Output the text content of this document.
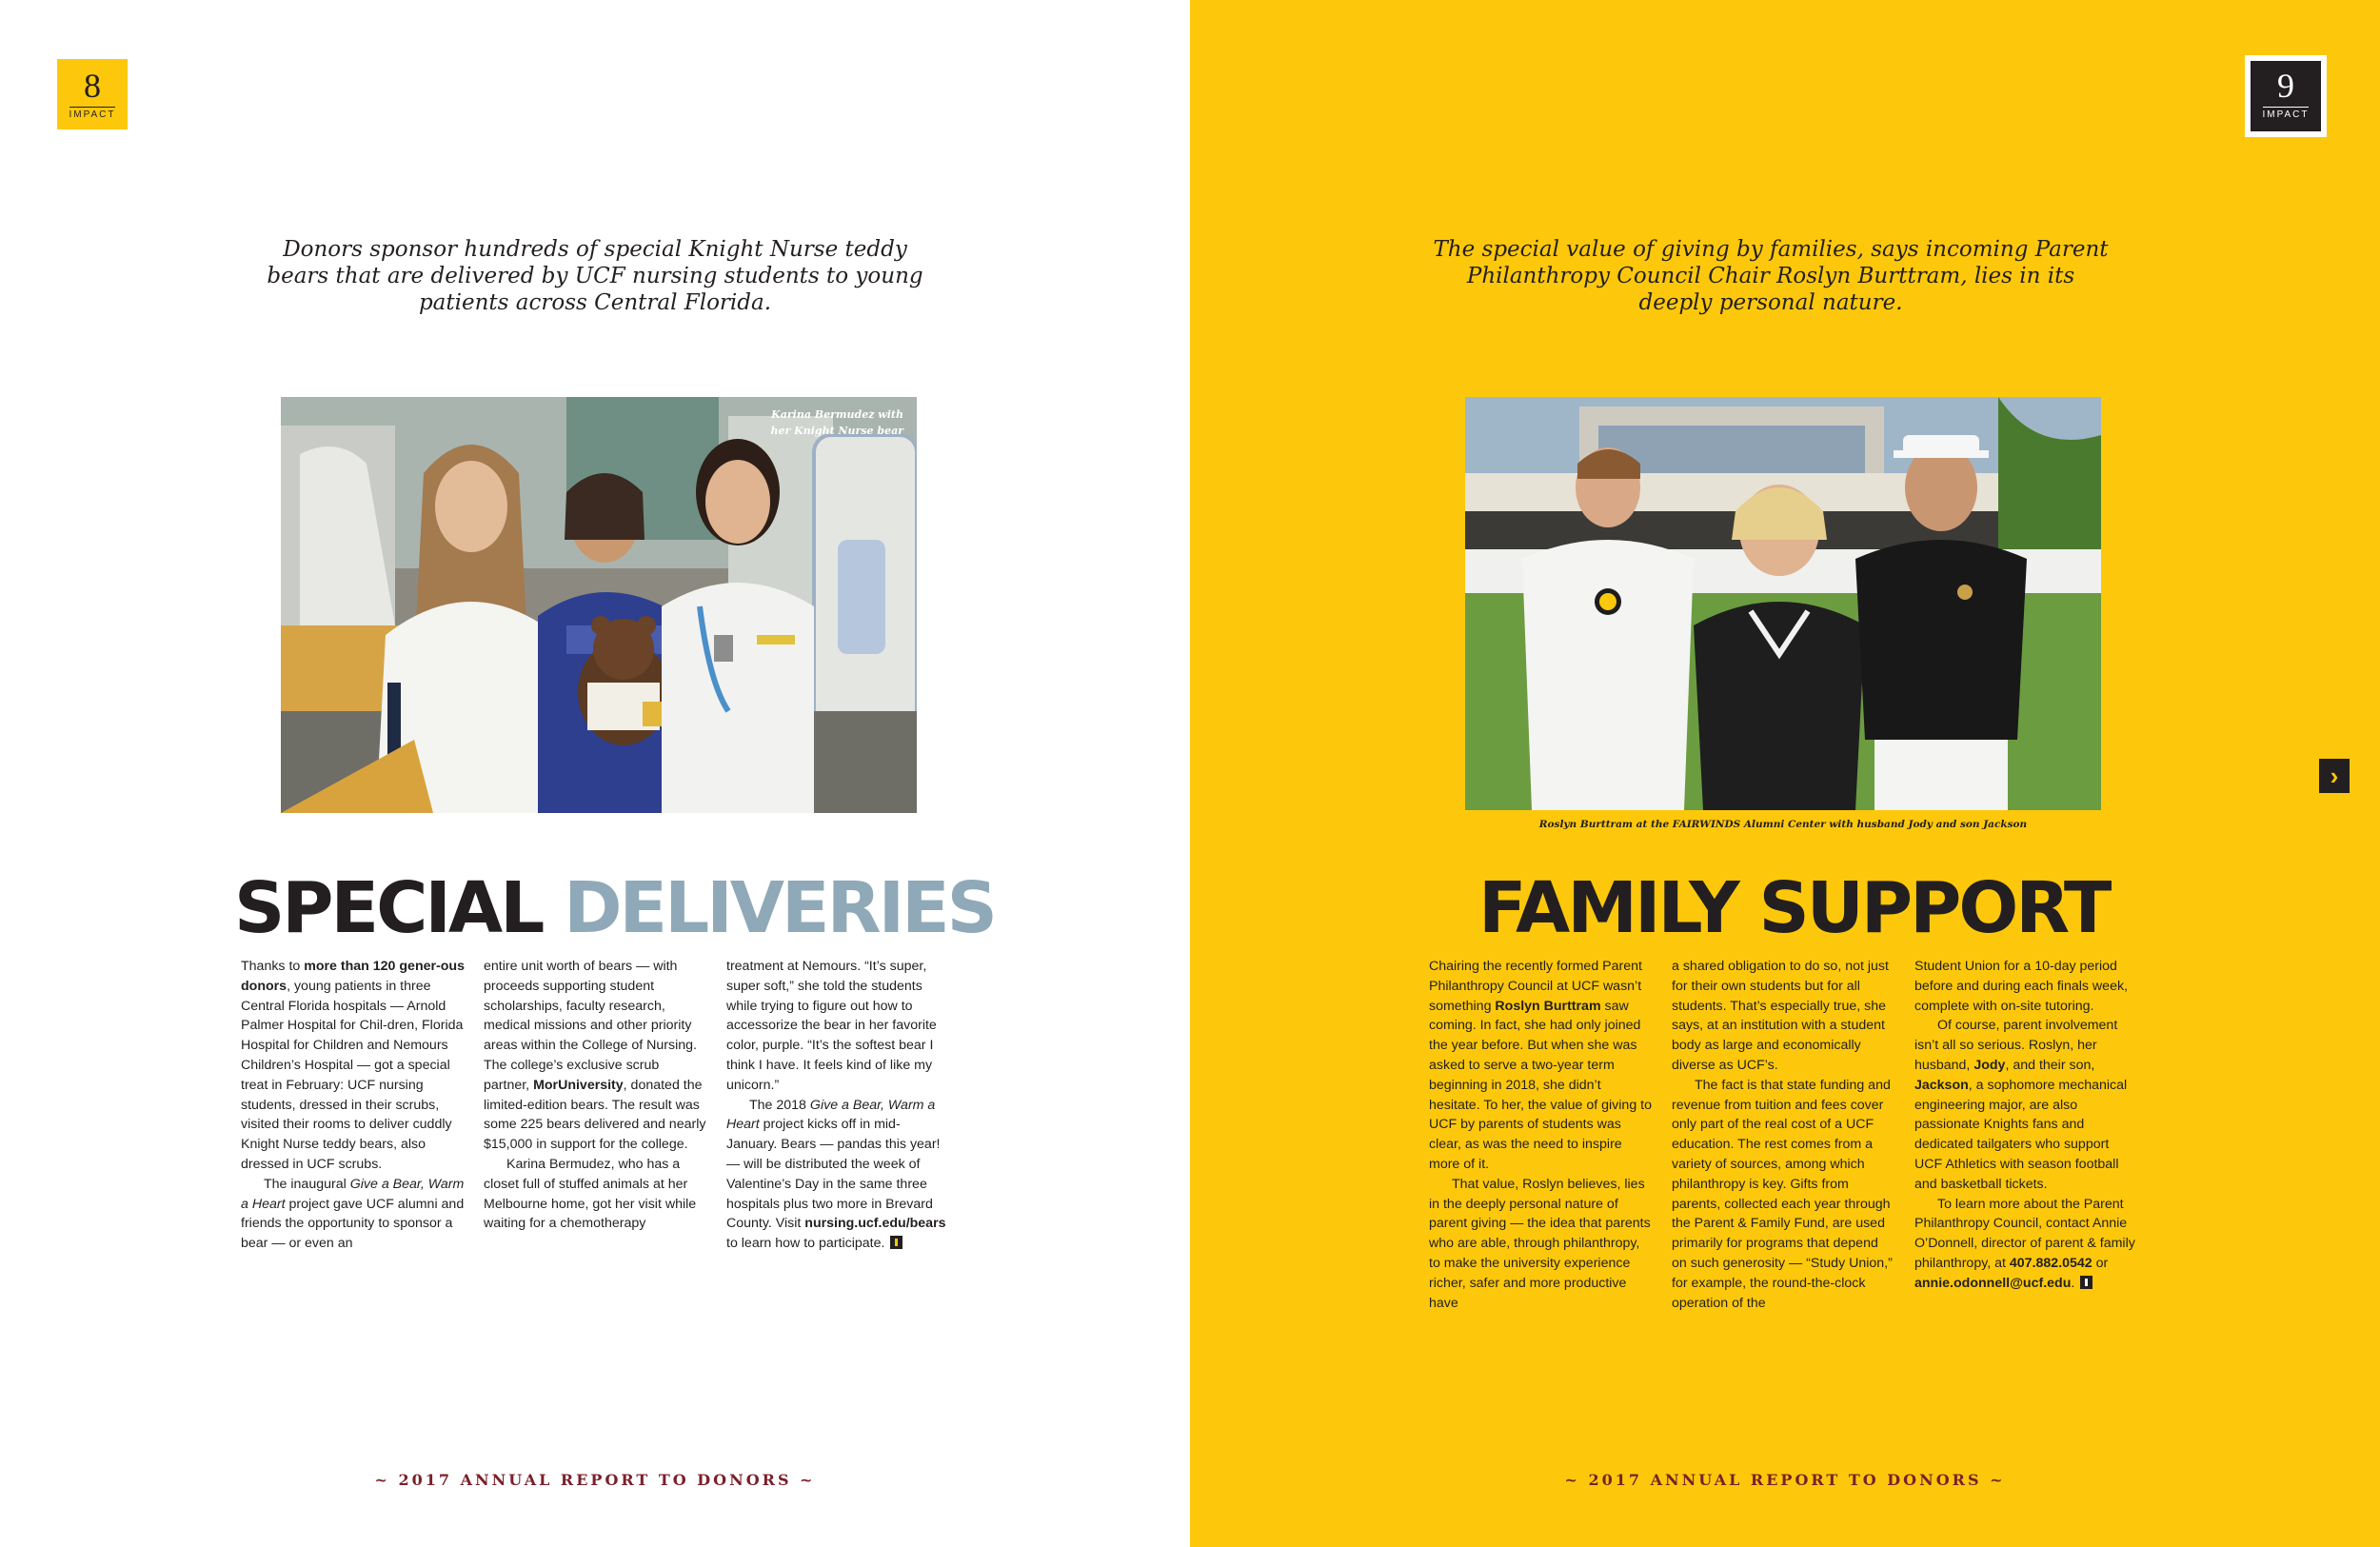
8
IMPACT
Donors sponsor hundreds of special Knight Nurse teddy bears that are delivered by UCF nursing students to young patients across Central Florida.
Karina Bermudez with her Knight Nurse bear
SPECIAL DELIVERIES

Thanks to more than 120 gener-ous donors, young patients in three Central Florida hospitals — Arnold Palmer Hospital for Chil-dren, Florida Hospital for Children and Nemours Children’s Hospital — got a special treat in February: UCF nursing students, dressed in their scrubs, visited their rooms to deliver cuddly Knight Nurse teddy bears, also dressed in UCF scrubs.

The inaugural Give a Bear, Warm a Heart project gave UCF alumni and friends the opportunity to sponsor a bear — or even an

entire unit worth of bears — with proceeds supporting student scholarships, faculty research, medical missions and other priority areas within the College of Nursing. The college’s exclusive scrub partner, MorUniversity, donated the limited-edition bears. The result was some 225 bears delivered and nearly $15,000 in support for the college.

Karina Bermudez, who has a closet full of stuffed animals at her Melbourne home, got her visit while waiting for a chemotherapy

treatment at Nemours. “It’s super, super soft,” she told the students while trying to figure out how to accessorize the bear in her favorite color, purple. “It’s the softest bear I think I have. It feels kind of like my unicorn.”

The 2018 Give a Bear, Warm a Heart project kicks off in mid-January. Bears — pandas this year! — will be distributed the week of Valentine’s Day in the same three hospitals plus two more in Brevard County. Visit nursing.ucf.edu/bears to learn how to participate.

~ 2017 ANNUAL REPORT TO DONORS ~
9
IMPACT
The special value of giving by families, says incoming Parent Philanthropy Council Chair Roslyn Burttram, lies in its deeply personal nature.
Roslyn Burttram at the FAIRWINDS Alumni Center with husband Jody and son Jackson
FAMILY SUPPORT

Chairing the recently formed Parent Philanthropy Council at UCF wasn’t something Roslyn Burttram saw coming. In fact, she had only joined the year before. But when she was asked to serve a two-year term beginning in 2018, she didn’t hesitate. To her, the value of giving to UCF by parents of students was clear, as was the need to inspire more of it.

That value, Roslyn believes, lies in the deeply personal nature of parent giving — the idea that parents who are able, through philanthropy, to make the university experience richer, safer and more productive have

a shared obligation to do so, not just for their own students but for all students. That’s especially true, she says, at an institution with a student body as large and economically diverse as UCF’s.

The fact is that state funding and revenue from tuition and fees cover only part of the real cost of a UCF education. The rest comes from a variety of sources, among which philanthropy is key. Gifts from parents, collected each year through the Parent & Family Fund, are used primarily for programs that depend on such generosity — “Study Union,” for example, the round-the-clock operation of the

Student Union for a 10-day period before and during each finals week, complete with on-site tutoring.

Of course, parent involvement isn’t all so serious. Roslyn, her husband, Jody, and their son, Jackson, a sophomore mechanical engineering major, are also passionate Knights fans and dedicated tailgaters who support UCF Athletics with season football and basketball tickets.

To learn more about the Parent Philanthropy Council, contact Annie O’Donnell, director of parent & family philanthropy, at 407.882.0542 or annie.odonnell@ucf.edu.

~ 2017 ANNUAL REPORT TO DONORS ~
›
